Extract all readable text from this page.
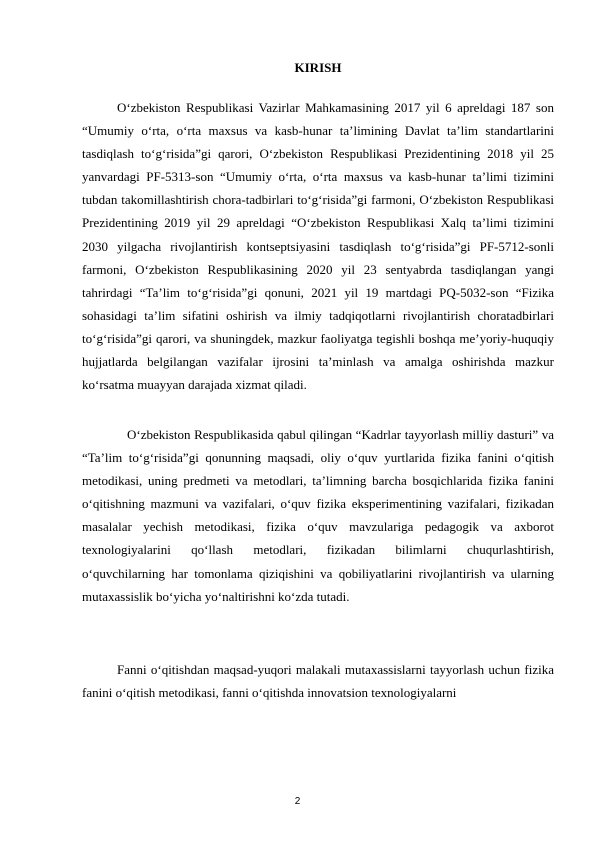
KIRISH

O‘zbekiston Respublikasi Vazirlar Mahkamasining 2017 yil 6 apreldagi 187 son “Umumiy o‘rta, o‘rta maxsus va kasb-hunar ta’limining Davlat ta’lim standartlarini tasdiqlash to‘g‘risida”gi qarori, O‘zbekiston Respublikasi Prezidentining 2018 yil 25 yanvardagi PF-5313-son “Umumiy o‘rta, o‘rta maxsus va kasb-hunar ta’limi tizimini tubdan takomillashtirish chora-tadbirlari to‘g‘risida”gi farmoni, O‘zbekiston Respublikasi Prezidentining 2019 yil 29 apreldagi “O‘zbekiston Respublikasi Xalq ta’limi tizimini 2030 yilgacha rivojlantirish kontseptsiyasini tasdiqlash to‘g‘risida”gi PF-5712-sonli farmoni, O‘zbekiston Respublikasining 2020 yil 23 sentyabrda tasdiqlangan yangi tahrirdagi “Ta’lim to‘g‘risida”gi qonuni, 2021 yil 19 martdagi PQ-5032-son “Fizika sohasidagi ta’lim sifatini oshirish va ilmiy tadqiqotlarni rivojlantirish choratadbirlari to‘g‘risida”gi qarori, va shuningdek, mazkur faoliyatga tegishli boshqa me’yoriy-huquqiy hujjatlarda belgilangan vazifalar ijrosini ta’minlash va amalga oshirishda mazkur ko‘rsatma muayyan darajada xizmat qiladi.

O‘zbekiston Respublikasida qabul qilingan “Kadrlar tayyorlash milliy dasturi” va “Ta’lim to‘g‘risida”gi qonunning maqsadi, oliy o‘quv yurtlarida fizika fanini o‘qitish metodikasi, uning predmeti va metodlari, ta’limning barcha bosqichlarida fizika fanini o‘qitishning mazmuni va vazifalari, o‘quv fizika eksperimentining vazifalari, fizikadan masalalar yechish metodikasi, fizika o‘quv mavzulariga pedagogik va axborot texnologiyalarini qo‘llash metodlari, fizikadan bilimlarni chuqurlashtirish, o‘quvchilarning har tomonlama qiziqishini va qobiliyatlarini rivojlantirish va ularning mutaxassislik bo‘yicha yo‘naltirishni ko‘zda tutadi.

Fanni o‘qitishdan maqsad-yuqori malakali mutaxassislarni tayyorlash uchun fizika fanini o‘qitish metodikasi, fanni o‘qitishda innovatsion texnologiyalarni

2
